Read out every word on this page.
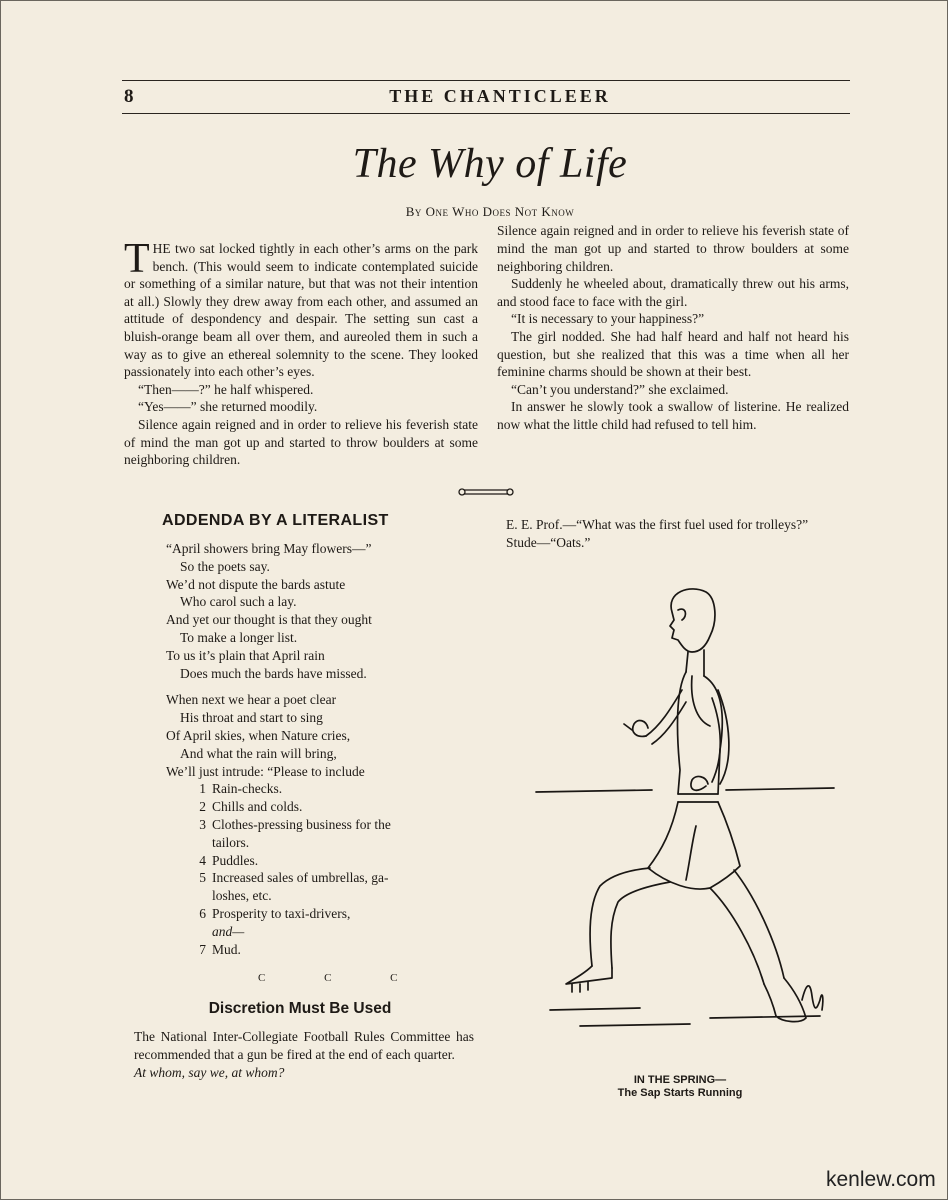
8	THE CHANTICLEER
The Why of Life
By One Who Does Not Know

THE two sat locked tightly in each other’s arms on the park bench. (This would seem to indicate contemplated suicide or something of a similar nature, but that was not their intention at all.) Slowly they drew away from each other, and assumed an attitude of despondency and despair. The setting sun cast a bluish-orange beam all over them, and aureoled them in such a way as to give an ethereal solemnity to the scene. They looked passionately into each other’s eyes.

“Then——?” he half whispered.

“Yes——” she returned moodily.

Silence again reigned and in order to relieve his feverish state of mind the man got up and started to throw boulders at some neighboring children.

Silence again reigned and in order to relieve his feverish state of mind the man got up and started to throw boulders at some neighboring children.

Suddenly he wheeled about, dramatically threw out his arms, and stood face to face with the girl.

“It is necessary to your happiness?”

The girl nodded. She had half heard and half not heard his question, but she realized that this was a time when all her feminine charms should be shown at their best.

“Can’t you understand?” she exclaimed.

In answer he slowly took a swallow of listerine. He realized now what the little child had refused to tell him.

ADDENDA BY A LITERALIST
“April showers bring May flowers—”
So the poets say.
We’d not dispute the bards astute
Who carol such a lay.
And yet our thought is that they ought
To make a longer list.
To us it’s plain that April rain
Does much the bards have missed.
When next we hear a poet clear
His throat and start to sing
Of April skies, when Nature cries,
And what the rain will bring,
We’ll just intrude: “Please to include
1 Rain-checks.
2 Chills and colds.
3 Clothes-pressing business for the
tailors.
4 Puddles.
5 Increased sales of umbrellas, ga-
loshes, etc.
6 Prosperity to taxi-drivers,
and—
7 Mud.
C C C
Discretion Must Be Used

The National Inter-Collegiate Football Rules Committee has recommended that a gun be fired at the end of each quarter.

At whom, say we, at whom?

E. E. Prof.—“What was the first fuel used for trolleys?”

Stude—“Oats.”

IN THE SPRING—
The Sap Starts Running
kenlew.com
